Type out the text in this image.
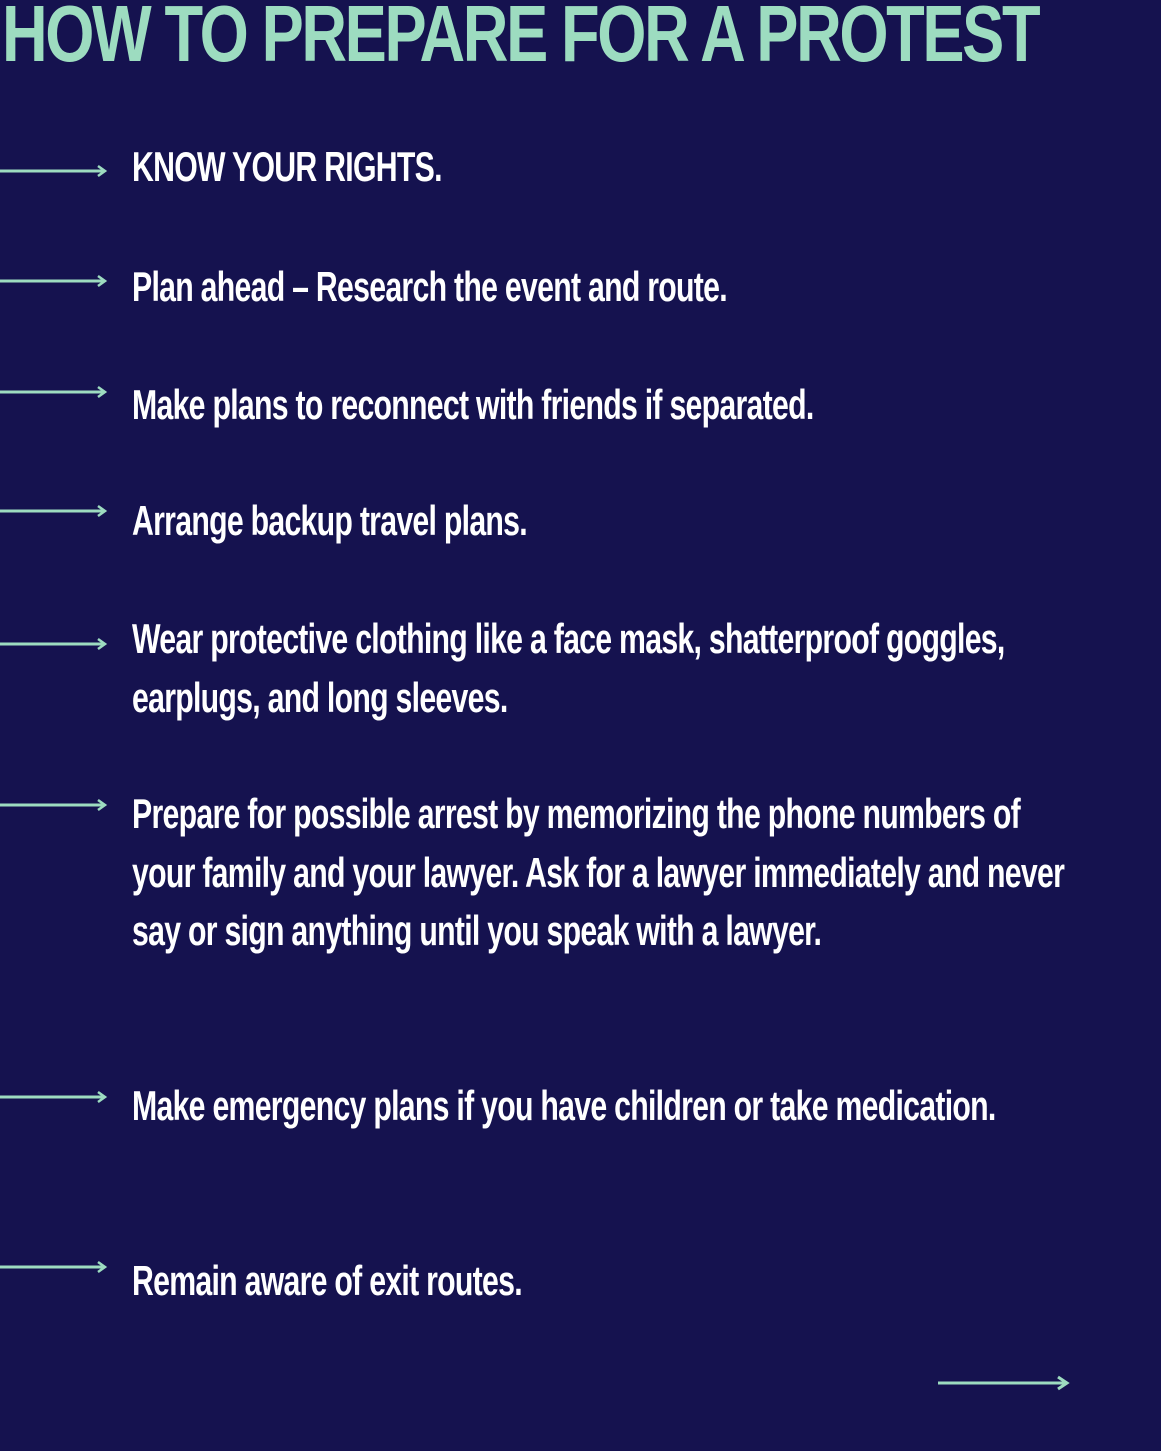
HOW TO PREPARE FOR A PROTEST

KNOW YOUR RIGHTS.

Plan ahead – Research the event and route.

Make plans to reconnect with friends if separated.

Arrange backup travel plans.

Wear protective clothing like a face mask, shatterproof goggles, earplugs, and long sleeves.

Prepare for possible arrest by memorizing the phone numbers of your family and your lawyer. Ask for a lawyer immediately and never say or sign anything until you speak with a lawyer.

Make emergency plans if you have children or take medication.

Remain aware of exit routes.
